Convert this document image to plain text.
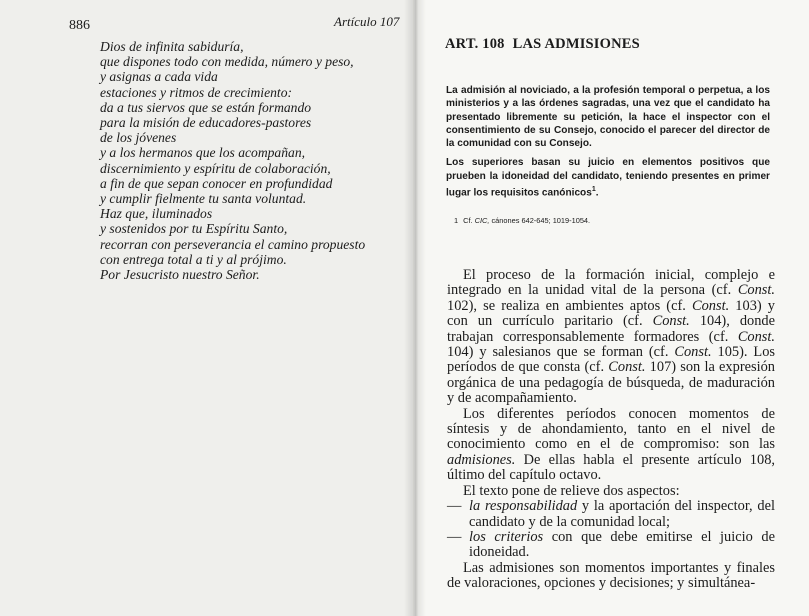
886	Artículo 107
Dios de infinita sabiduría,
que dispones todo con medida, número y peso,
y asignas a cada vida
estaciones y ritmos de crecimiento:
da a tus siervos que se están formando
para la misión de educadores-pastores
de los jóvenes
y a los hermanos que los acompañan,
discernimiento y espíritu de colaboración,
a fin de que sepan conocer en profundidad
y cumplir fielmente tu santa voluntad.
Haz que, iluminados
y sostenidos por tu Espíritu Santo,
recorran con perseverancia el camino propuesto
con entrega total a ti y al prójimo.
Por Jesucristo nuestro Señor.
ART. 108 LAS ADMISIONES

La admisión al noviciado, a la profesión temporal o perpetua, a los ministerios y a las órdenes sagradas, una vez que el candidato ha presentado libremente su petición, la hace el inspector con el consentimiento de su Consejo, conocido el parecer del director de la comunidad con su Consejo.

Los superiores basan su juicio en elementos positivos que prueben la idoneidad del candidato, teniendo presentes en primer lugar los requisitos canónicos$^1$.

1 Cf. CIC, cánones 642-645; 1019-1054.

El proceso de la formación inicial, complejo e integrado en la unidad vital de la persona (cf. Const. 102), se realiza en ambientes aptos (cf. Const. 103) y con un currículo paritario (cf. Const. 104), donde trabajan corresponsablemente formadores (cf. Const. 104) y salesianos que se forman (cf. Const. 105). Los períodos de que consta (cf. Const. 107) son la expresión orgánica de una pedagogía de búsqueda, de maduración y de acompañamiento.

Los diferentes períodos conocen momentos de síntesis y de ahondamiento, tanto en el nivel de conocimiento como en el de compromiso: son las admisiones. De ellas habla el presente artículo 108, último del capítulo octavo.

El texto pone de relieve dos aspectos:

— la responsabilidad y la aportación del inspector, del candidato y de la comunidad local;
— los criterios con que debe emitirse el juicio de idoneidad.

Las admisiones son momentos importantes y finales de valoraciones, opciones y decisiones; y simultánea-
